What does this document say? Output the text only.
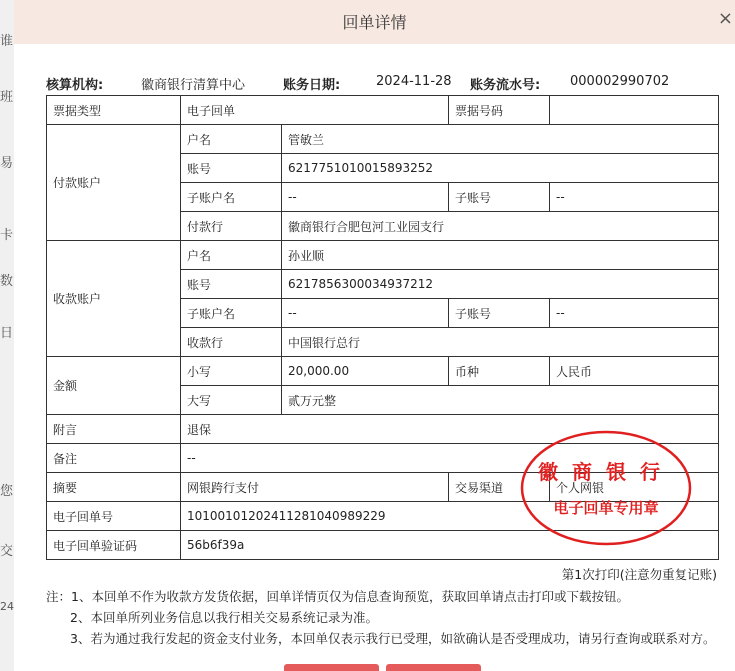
谁
班
易
卡
数
日
您
交
24
回单详情	×
核算机构:	徽商银行清算中心	账务日期:	2024-11-28 账务流水号: 000002990702
票据类型	电子回单		票据号码	
付款账户	户名	管敏兰		
	账号	6217751010015893252		
	子账户名	--	子账号	--
	付款行	徽商银行合肥包河工业园支行		
收款账户	户名	孙业顺		
	账号	6217856300034937212		
	子账户名	--	子账号	--
	收款行	中国银行总行		
金额	小写	20,000.00	币种	人民币
	大写	贰万元整		
附言	退保			
备注	--			
摘要	网银跨行支付		交易渠道	个人网银
电子回单号	101001012024112810409892​29			
电子回单验证码	56b6f39a			
徽商银行
电子回单专用章
第1次打印(注意勿重复记账)

注：1、本回单不作为收款方发货依据，回单详情页仅为信息查询预览，获取回单请点击打印或下载按钮。

2、本回单所列业务信息以我行相关交易系统记录为准。

3、若为通过我行发起的资金支付业务，本回单仅表示我行已受理，如欲确认是否受理成功，请另行查询或联系对方。
